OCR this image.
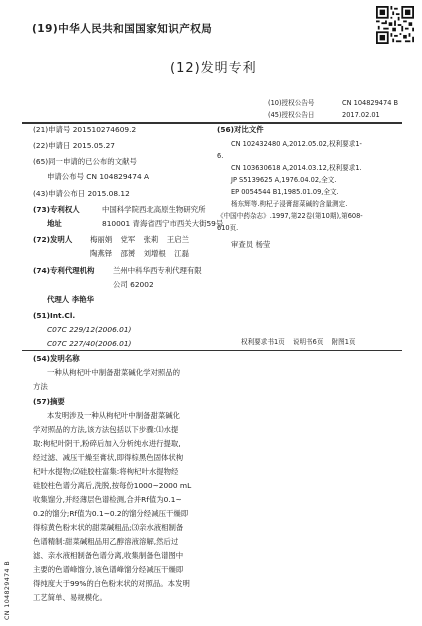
(19)中华人民共和国国家知识产权局
(12)发明专利
(10)授权公告号	CN 104829474 B
(45)授权公告日	2017.02.01
(21)申请号 201510274609.2
(22)申请日 2015.05.27
(65)同一申请的已公布的文献号
申请公布号 CN 104829474 A
(43)申请公布日 2015.08.12
(73)专利权人	中国科学院西北高原生物研究所
地址	810001 青海省西宁市西关大街59号
(72)发明人 梅丽娟 党军 张莉 王启兰
陶燕铎 邵赟 刘增根 江磊
(74)专利代理机构	兰州中科华西专利代理有限
公司 62002
代理人 李艳华
(51)Int.Cl.
C07C 229/12(2006.01)
C07C 227/40(2006.01)
(56)对比文件
CN 102432480 A,2012.05.02,权利要求1-
6.
CN 103630618 A,2014.03.12,权利要求1.
JP S5139625 A,1976.04.02,全文.
EP 0054544 B1,1985.01.09,全文.
杨东辉等.枸杞子浸膏甜菜碱的含量测定.
《中国中药杂志》.1997,第22卷(第10期),第608-
610页.
审查员 杨莹
权利要求书1页 说明书6页 附图1页
(54)发明名称
一种从枸杞叶中制备甜菜碱化学对照品的
方法
(57)摘要
本发明涉及一种从枸杞叶中制备甜菜碱化
学对照品的方法,该方法包括以下步骤:⑴水提
取:枸杞叶阴干,粉碎后加入分析纯水进行提取,
经过滤、减压干燥至膏状,即得棕黑色固体状枸
杞叶水提物;⑵硅胶柱富集:将枸杞叶水提物经
硅胶柱色谱分离后,洗脱,按每份1000~2000 mL
收集馏分,并经薄层色谱检测,合并Rf值为0.1~
0.2的馏分;Rf值为0.1~0.2的馏分经减压干燥即
得棕黄色粉末状的甜菜碱粗品;⑶亲水液相制备
色谱精制:甜菜碱粗品用乙醇溶液溶解,然后过
滤、亲水液相制备色谱分离,收集制备色谱图中
主要的色谱峰馏分,该色谱峰馏分经减压干燥即
得纯度大于99%的白色粉末状的对照品。本发明
工艺简单、易规模化。
CN 104829474 B
